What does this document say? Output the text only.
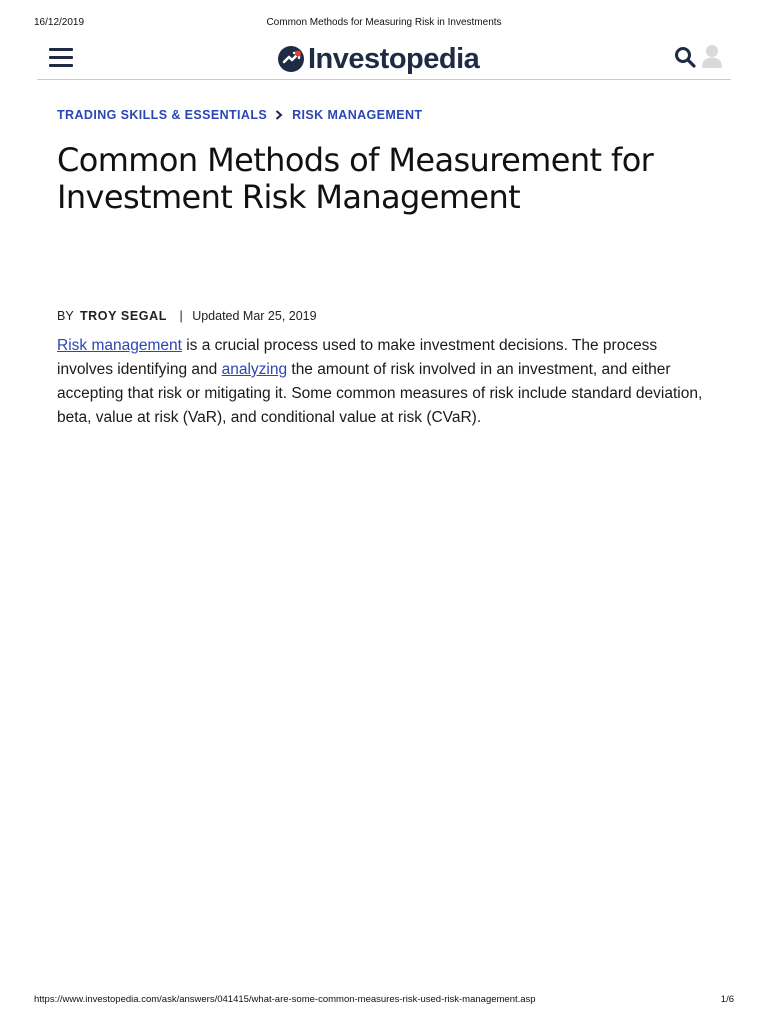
16/12/2019	Common Methods for Measuring Risk in Investments
Investopedia
TRADING SKILLS & ESSENTIALS RISK MANAGEMENT
Common Methods of Measurement for Investment Risk Management
BY TROY SEGAL | Updated Mar 25, 2019

Risk management is a crucial process used to make investment decisions. The process involves identifying and analyzing the amount of risk involved in an investment, and either accepting that risk or mitigating it. Some common measures of risk include standard deviation, beta, value at risk (VaR), and conditional value at risk (CVaR).

https://www.investopedia.com/ask/answers/041415/what-are-some-common-measures-risk-used-risk-management.asp	1/6
